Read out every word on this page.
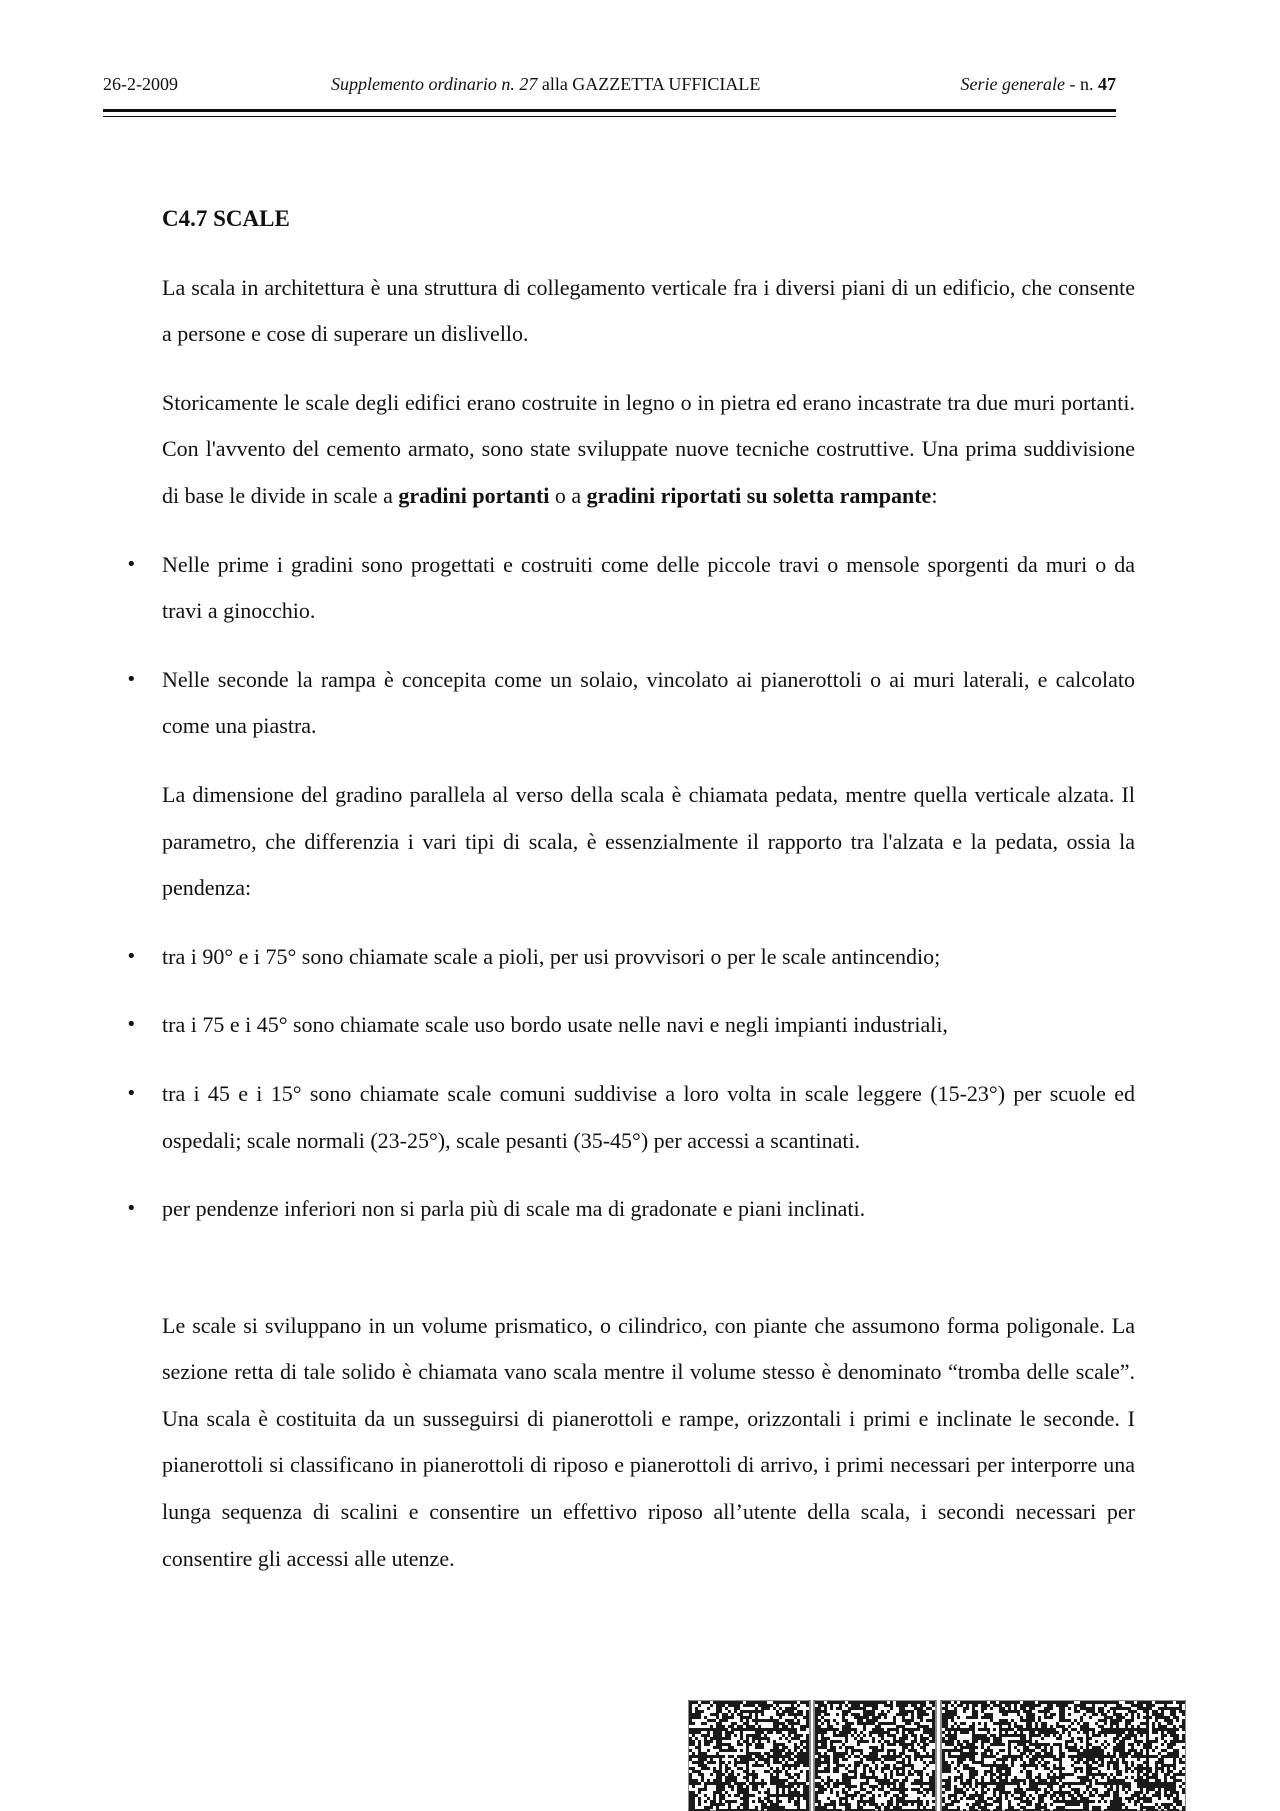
26-2-2009	Supplemento ordinario n. 27 alla GAZZETTA UFFICIALE	Serie generale - n. 47

C4.7 SCALE

La scala in architettura è una struttura di collegamento verticale fra i diversi piani di un edificio, che consente a persone e cose di superare un dislivello.

Storicamente le scale degli edifici erano costruite in legno o in pietra ed erano incastrate tra due muri portanti. Con l'avvento del cemento armato, sono state sviluppate nuove tecniche costruttive. Una prima suddivisione di base le divide in scale a gradini portanti o a gradini riportati su soletta rampante:

• Nelle prime i gradini sono progettati e costruiti come delle piccole travi o mensole sporgenti da muri o da travi a ginocchio.
• Nelle seconde la rampa è concepita come un solaio, vincolato ai pianerottoli o ai muri laterali, e calcolato come una piastra.

La dimensione del gradino parallela al verso della scala è chiamata pedata, mentre quella verticale alzata. Il parametro, che differenzia i vari tipi di scala, è essenzialmente il rapporto tra l'alzata e la pedata, ossia la pendenza:

• tra i 90° e i 75° sono chiamate scale a pioli, per usi provvisori o per le scale antincendio;
• tra i 75 e i 45° sono chiamate scale uso bordo usate nelle navi e negli impianti industriali,
• tra i 45 e i 15° sono chiamate scale comuni suddivise a loro volta in scale leggere (15-23°) per scuole ed ospedali; scale normali (23-25°), scale pesanti (35-45°) per accessi a scantinati.
• per pendenze inferiori non si parla più di scale ma di gradonate e piani inclinati.

Le scale si sviluppano in un volume prismatico, o cilindrico, con piante che assumono forma poligonale. La sezione retta di tale solido è chiamata vano scala mentre il volume stesso è denominato “tromba delle scale”. Una scala è costituita da un susseguirsi di pianerottoli e rampe, orizzontali i primi e inclinate le seconde. I pianerottoli si classificano in pianerottoli di riposo e pianerottoli di arrivo, i primi necessari per interporre una lunga sequenza di scalini e consentire un effettivo riposo all’utente della scala, i secondi necessari per consentire gli accessi alle utenze.
